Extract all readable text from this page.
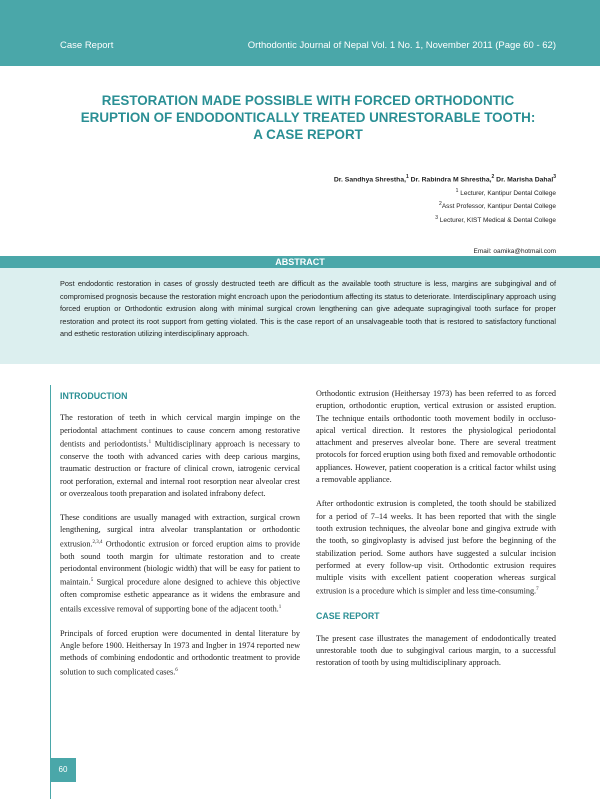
Case Report	Orthodontic Journal of Nepal Vol. 1 No. 1, November 2011 (Page 60 - 62)
RESTORATION MADE POSSIBLE WITH FORCED ORTHODONTIC
ERUPTION OF ENDODONTICALLY TREATED UNRESTORABLE TOOTH:
A CASE REPORT
Dr. Sandhya Shrestha,$^1$ Dr. Rabindra M Shrestha,$^2$ Dr. Marisha Dahal$^3$
$^1$ Lecturer, Kantipur Dental College
$^2$Asst Professor, Kantipur Dental College
$^3$ Lecturer, KIST Medical & Dental College
Email: oamika@hotmail.com
ABSTRACT

Post endodontic restoration in cases of grossly destructed teeth are difficult as the available tooth structure is less, margins are subgingival and of compromised prognosis because the restoration might encroach upon the periodontium affecting its status to deteriorate. Interdisciplinary approach using forced eruption or Orthodontic extrusion along with minimal surgical crown lengthening can give adequate supragingival tooth surface for proper restoration and protect its root support from getting violated. This is the case report of an unsalvageable tooth that is restored to satisfactory functional and esthetic restoration utilizing interdisciplinary approach.

INTRODUCTION

The restoration of teeth in which cervical margin impinge on the periodontal attachment continues to cause concern among restorative dentists and periodontists.$^1$ Multidisciplinary approach is necessary to conserve the tooth with advanced caries with deep carious margins, traumatic destruction or fracture of clinical crown, iatrogenic cervical root perforation, external and internal root resorption near alveolar crest or overzealous tooth preparation and isolated infrabony defect.

These conditions are usually managed with extraction, surgical crown lengthening, surgical intra alveolar transplantation or orthodontic extrusion.$^{2,3,4}$ Orthodontic extrusion or forced eruption aims to provide both sound tooth margin for ultimate restoration and to create periodontal environment (biologic width) that will be easy for patient to maintain.$^5$ Surgical procedure alone designed to achieve this objective often compromise esthetic appearance as it widens the embrasure and entails excessive removal of supporting bone of the adjacent tooth.$^1$

Principals of forced eruption were documented in dental literature by Angle before 1900. Heithersay In 1973 and Ingber in 1974 reported new methods of combining endodontic and orthodontic treatment to provide solution to such complicated cases.$^6$

Orthodontic extrusion (Heithersay 1973) has been referred to as forced eruption, orthodontic eruption, vertical extrusion or assisted eruption. The technique entails orthodontic tooth movement bodily in occluso-apical vertical direction. It restores the physiological periodontal attachment and preserves alveolar bone. There are several treatment protocols for forced eruption using both fixed and removable orthodontic appliances. However, patient cooperation is a critical factor whilst using a removable appliance.

After orthodontic extrusion is completed, the tooth should be stabilized for a period of 7–14 weeks. It has been reported that with the single tooth extrusion techniques, the alveolar bone and gingiva extrude with the tooth, so gingivoplasty is advised just before the beginning of the stabilization period. Some authors have suggested a sulcular incision performed at every follow-up visit. Orthodontic extrusion requires multiple visits with excellent patient cooperation whereas surgical extrusion is a procedure which is simpler and less time-consuming.$^7$

CASE REPORT

The present case illustrates the management of endodontically treated unrestorable tooth due to subgingival carious margin, to a successful restoration of tooth by using multidisciplinary approach.

60
